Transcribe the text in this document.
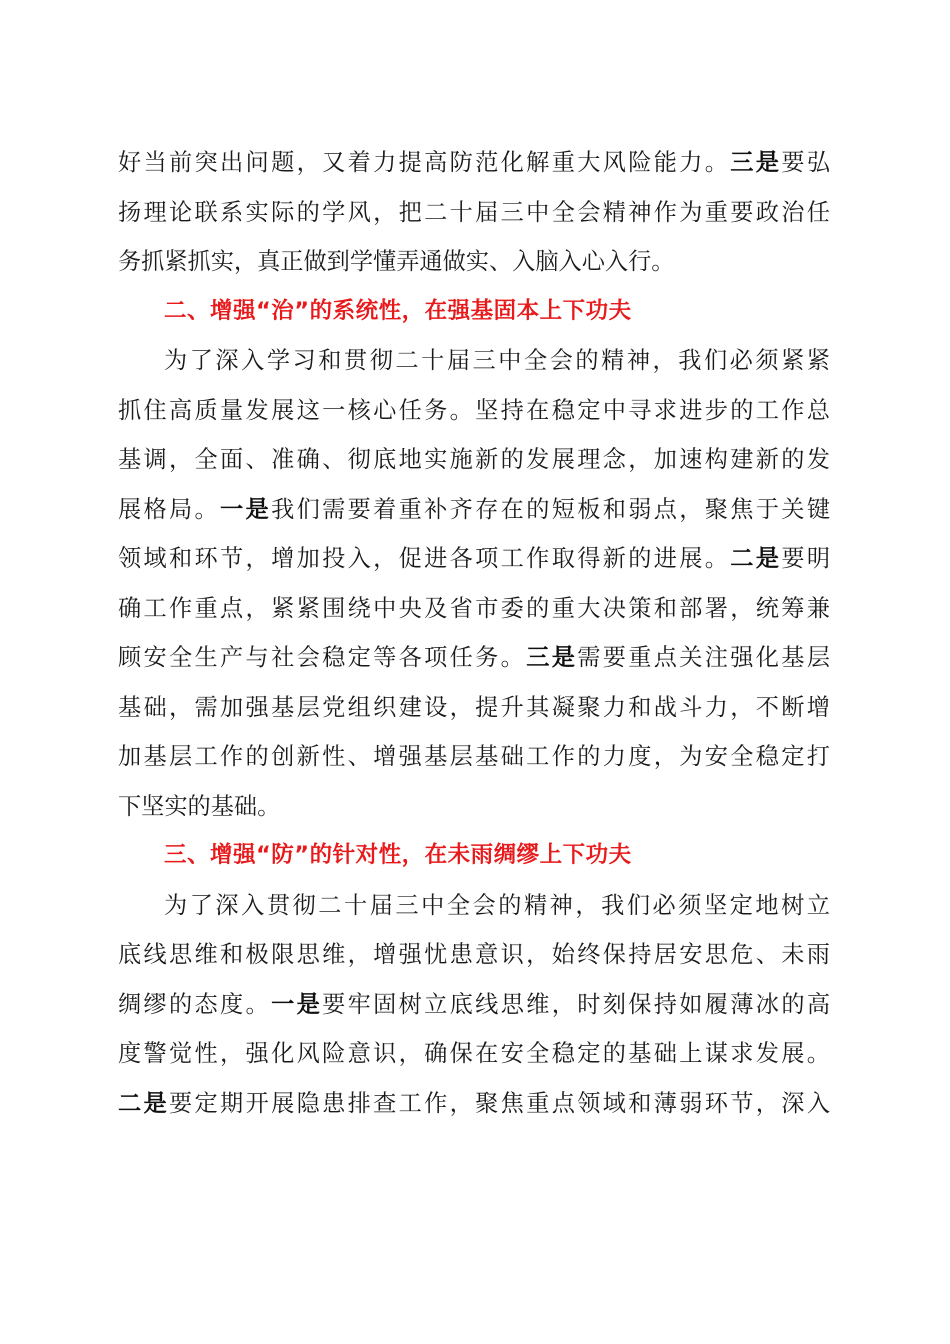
好当前突出问题，又着力提高防范化解重大风险能力。三是要弘
扬理论联系实际的学风，把二十届三中全会精神作为重要政治任
务抓紧抓实，真正做到学懂弄通做实、入脑入心入行。
二、增强“治”的系统性，在强基固本上下功夫
为了深入学习和贯彻二十届三中全会的精神，我们必须紧紧
抓住高质量发展这一核心任务。坚持在稳定中寻求进步的工作总
基调，全面、准确、彻底地实施新的发展理念，加速构建新的发
展格局。一是我们需要着重补齐存在的短板和弱点，聚焦于关键
领域和环节，增加投入，促进各项工作取得新的进展。二是要明
确工作重点，紧紧围绕中央及省市委的重大决策和部署，统筹兼
顾安全生产与社会稳定等各项任务。三是需要重点关注强化基层
基础，需加强基层党组织建设，提升其凝聚力和战斗力，不断增
加基层工作的创新性、增强基层基础工作的力度，为安全稳定打
下坚实的基础。
三、增强“防”的针对性，在未雨绸缪上下功夫
为了深入贯彻二十届三中全会的精神，我们必须坚定地树立
底线思维和极限思维，增强忧患意识，始终保持居安思危、未雨
绸缪的态度。一是要牢固树立底线思维，时刻保持如履薄冰的高
度警觉性，强化风险意识，确保在安全稳定的基础上谋求发展。
二是要定期开展隐患排查工作，聚焦重点领域和薄弱环节，深入
